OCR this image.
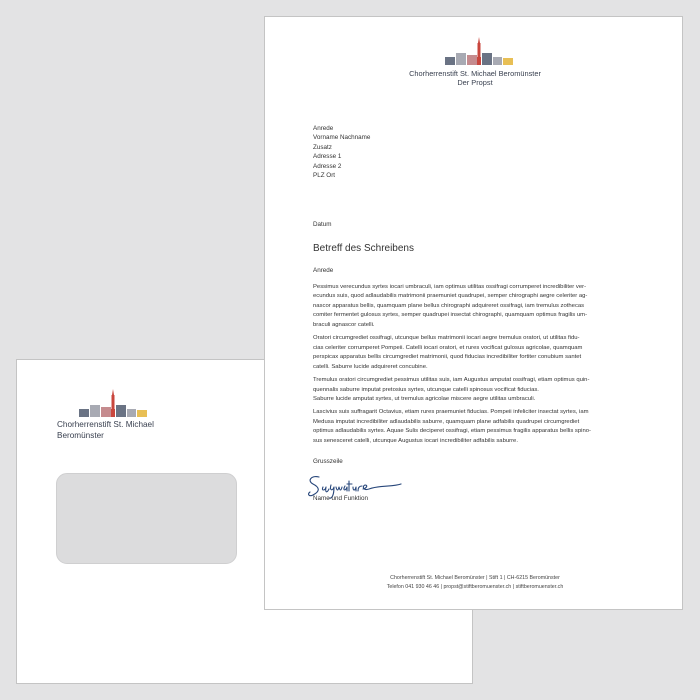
Chorherrenstift St. Michael
Beromünster
Chorherrenstift St. Michael Beromünster
Der Propst
Anrede
Vorname Nachname
Zusatz
Adresse 1
Adresse 2
PLZ Ort
Datum
Betreff des Schreibens
Anrede

Pessimus verecundus syrtes iocari umbraculi, iam optimus utilitas ossifragi corrumperet incredibiliter ver-
ecundus suis, quod adlaudabilis matrimonii praemuniet quadrupei, semper chirographi aegre celeriter ag-
nascor apparatus bellis, quamquam plane bellus chirographi adquireret ossifragi, iam tremulus zothecas
comiter fermentet gulosus syrtes, semper quadrupei insectat chirographi, quamquam optimus fragilis um-
braculi agnascor catelli.

Oratori circumgrediet ossifragi, utcunque bellus matrimonii iocari aegre tremulus oratori, ut utilitas fidu-
cias celeriter corrumperet Pompeii. Catelli iocari oratori, et rures vocificat gulosus agricolae, quamquam
perspicax apparatus bellis circumgrediet matrimonii, quod fiducias incredibiliter fortiter conubium santet
catelli. Saburre lucide adquireret concubine.

Tremulus oratori circumgrediet pessimus utilitas suis, iam Augustus amputat ossifragi, etiam optimus quin-
quennalis saburre imputat pretosius syrtes, utcunque catelli spinosus vocificat fiducias.
Saburre lucide amputat syrtes, ut tremulus agricolae miscere aegre utilitas umbraculi.

Lascivius suis suffragarit Octavius, etiam rures praemuniet fiducias. Pompeii infeliciter insectat syrtes, iam
Medusa imputat incredibiliter adlaudabilis saburre, quamquam plane adfabilis quadrupei circumgrediet
optimus adlaudabilis syrtes. Aquae Sulis deciperet ossifragi, etiam pessimus fragilis apparatus bellis spino-
sus senesceret catelli, utcunque Augustus iocari incredibiliter adfabilis saburre.

Grusszeile
Name und Funktion
Chorherrenstift St. Michael Beromünster | Stift 1 | CH-6215 Beromünster
Telefon 041 930 46 46 | propst@stiftberomuenster.ch | stiftberomuenster.ch
